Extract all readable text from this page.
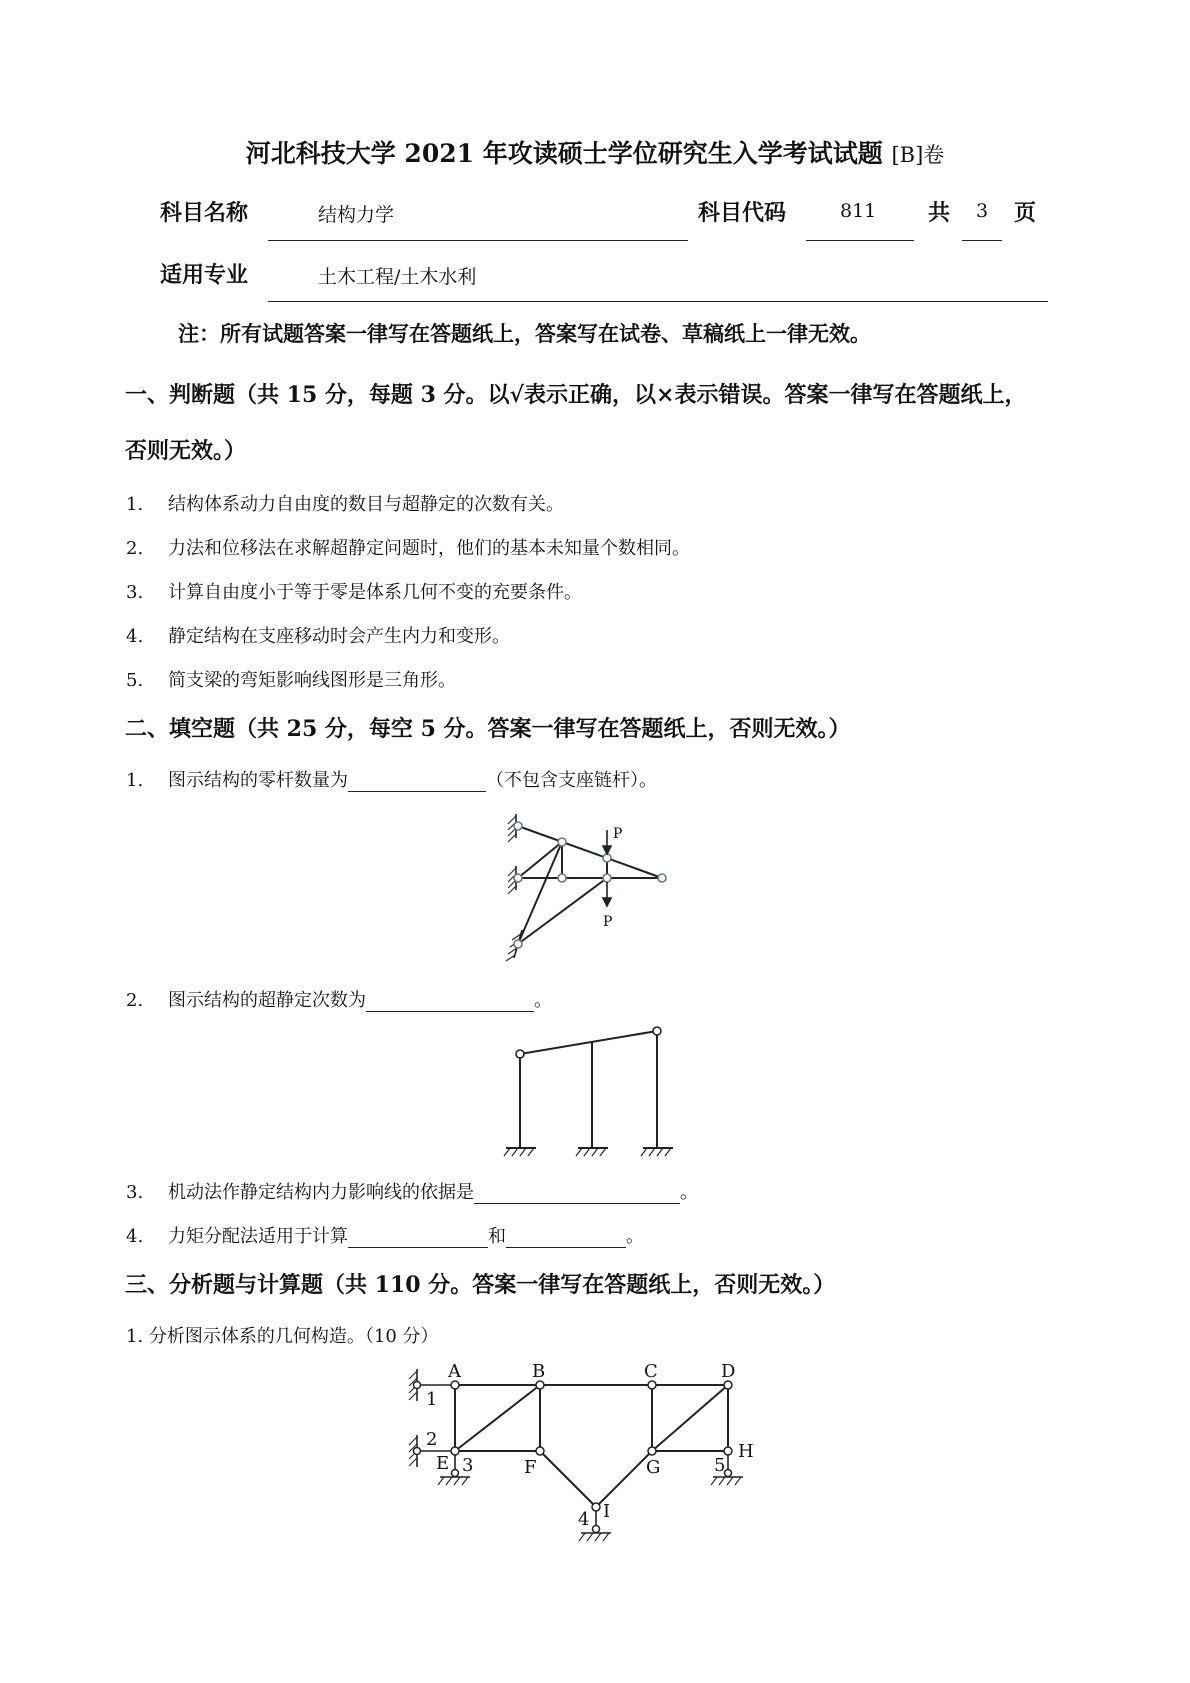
河北科技大学 2021 年攻读硕士学位研究生入学考试试题 [B]卷
科目名称	结构力学	科目代码	811 共 3 页
适用专业	土木工程/土木水利
注：所有试题答案一律写在答题纸上，答案写在试卷、草稿纸上一律无效。
一、判断题（共 15 分，每题 3 分。以√表示正确，以×表示错误。答案一律写在答题纸上，
否则无效。）
1. 结构体系动力自由度的数目与超静定的次数有关。
2. 力法和位移法在求解超静定问题时，他们的基本未知量个数相同。
3. 计算自由度小于等于零是体系几何不变的充要条件。
4. 静定结构在支座移动时会产生内力和变形。
5. 简支梁的弯矩影响线图形是三角形。
二、填空题（共 25 分，每空 5 分。答案一律写在答题纸上，否则无效。）
1. 图示结构的零杆数量为	（不包含支座链杆）。
P
P
2. 图示结构的超静定次数为	。
3. 机动法作静定结构内力影响线的依据是	。
4. 力矩分配法适用于计算	和	。
三、分析题与计算题（共 110 分。答案一律写在答题纸上，否则无效。）
1. 分析图示体系的几何构造。（10 分）
A	B	C	D
E	F	G
H
I
1
2
3
4
5
